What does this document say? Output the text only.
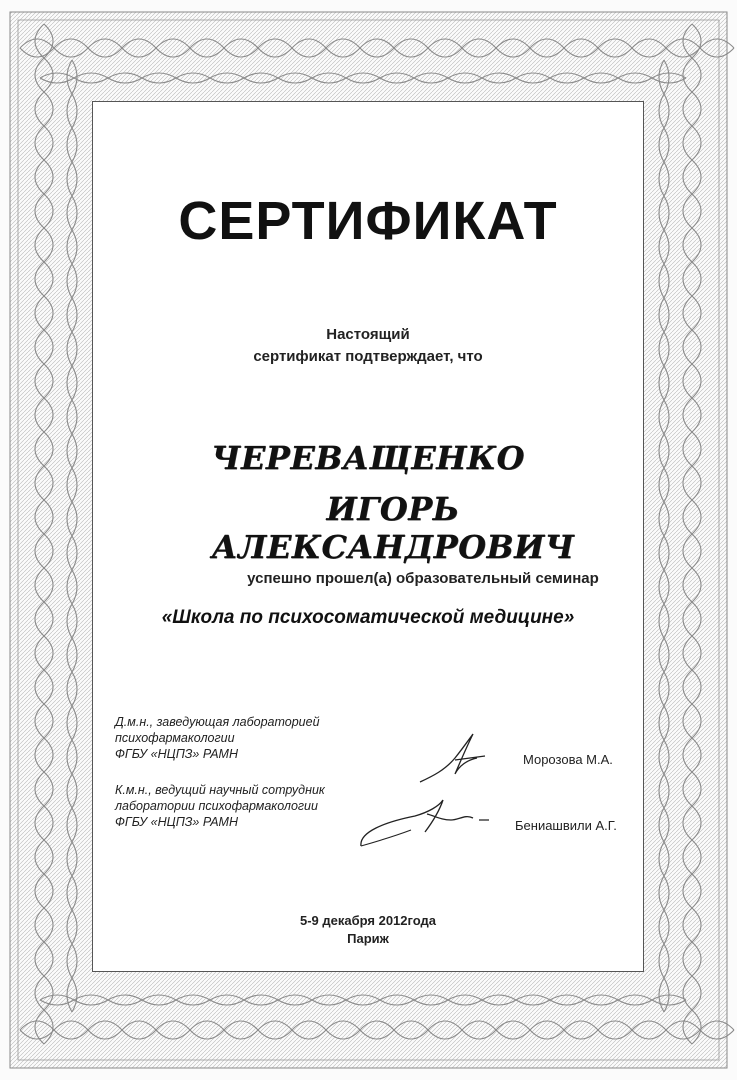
СЕРТИФИКАТ
Настоящий
сертификат подтверждает, что
ЧЕРЕВАЩЕНКО
ИГОРЬ АЛЕКСАНДРОВИЧ
успешно прошел(а) образовательный семинар
«Школа по психосоматической медицине»
Д.м.н., заведующая лабораторией
психофармакологии
ФГБУ «НЦПЗ» РАМН	Морозова М.А.
К.м.н., ведущий научный сотрудник
лаборатории психофармакологии
ФГБУ «НЦПЗ» РАМН	Бениашвили А.Г.
5-9 декабря 2012года
Париж
